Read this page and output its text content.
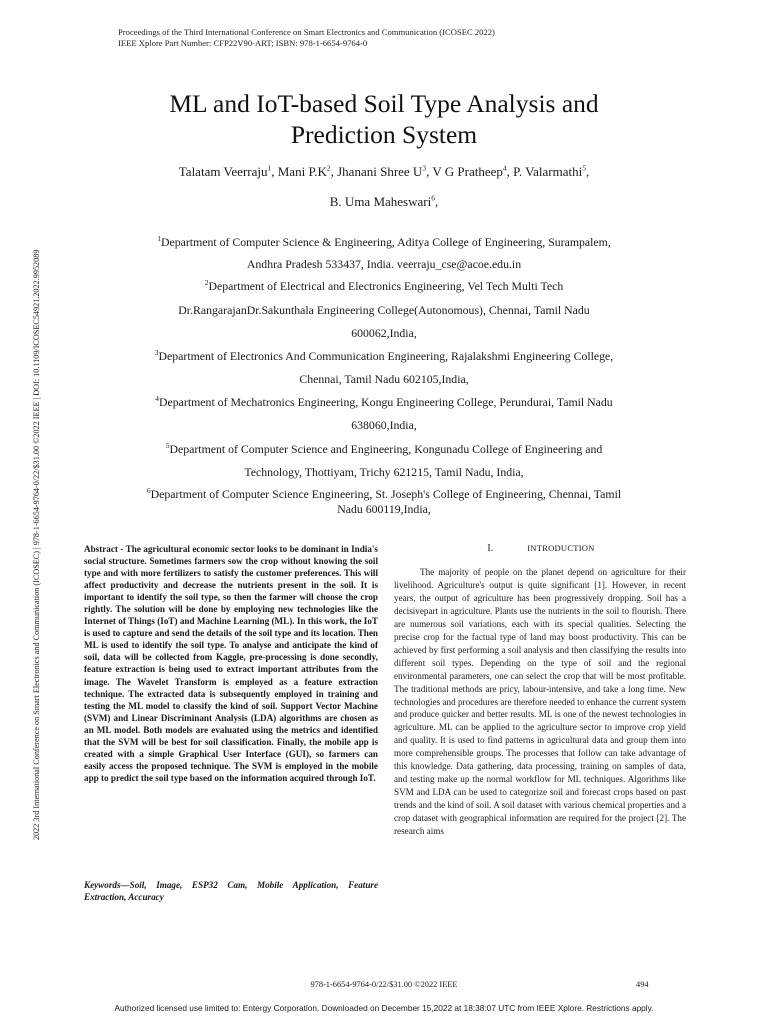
Proceedings of the Third International Conference on Smart Electronics and Communication (ICOSEC 2022)
IEEE Xplore Part Number: CFP22V90-ART; ISBN: 978-1-6654-9764-0
2022 3rd International Conference on Smart Electronics and Communication (ICOSEC) | 978-1-6654-9764-0/22/$31.00 ©2022 IEEE | DOI: 10.1109/ICOSEC54921.2022.9952089
ML and IoT-based Soil Type Analysis and
Prediction System
Talatam Veerraju$^1$, Mani $P.K^2$, Jhanani Shree $U^3$, V G Pratheep$^4$, P. Valarmathi$^5$,
B. Uma Maheswari$^6$,
$^1$Department of Computer Science & Engineering, Aditya College of Engineering, Surampalem,
Andhra Pradesh 533437, India. veerraju_cse@acoe.edu.in
$^2$Department of Electrical and Electronics Engineering, Vel Tech Multi Tech
Dr.RangarajanDr.Sakunthala Engineering College(Autonomous), Chennai, Tamil Nadu
600062,India,
$^3$Department of Electronics And Communication Engineering, Rajalakshmi Engineering College,
Chennai, Tamil Nadu 602105,India,
$^4$Department of Mechatronics Engineering, Kongu Engineering College, Perundurai, Tamil Nadu
638060,India,
$^5$Department of Computer Science and Engineering, Kongunadu College of Engineering and
Technology, Thottiyam, Trichy 621215, Tamil Nadu, India,
$^6$Department of Computer Science Engineering, St. Joseph's College of Engineering, Chennai, Tamil
Nadu 600119,India,
Abstract - The agricultural economic sector looks to be dominant in India's social structure. Sometimes farmers sow the crop without knowing the soil type and with more fertilizers to satisfy the customer preferences. This will affect productivity and decrease the nutrients present in the soil. It is important to identify the soil type, so then the farmer will choose the crop rightly. The solution will be done by employing new technologies like the Internet of Things (IoT) and Machine Learning (ML). In this work, the IoT is used to capture and send the details of the soil type and its location. Then ML is used to identify the soil type. To analyse and anticipate the kind of soil, data will be collected from Kaggle, pre-processing is done secondly, feature extraction is being used to extract important attributes from the image. The Wavelet Transform is employed as a feature extraction technique. The extracted data is subsequently employed in training and testing the ML model to classify the kind of soil. Support Vector Machine (SVM) and Linear Discriminant Analysis (LDA) algorithms are chosen as an ML model. Both models are evaluated using the metrics and identified that the SVM will be best for soil classification. Finally, the mobile app is created with a simple Graphical User Interface (GUI), so farmers can easily access the proposed technique. The SVM is employed in the mobile app to predict the soil type based on the information acquired through IoT.
Keywords—Soil, Image, ESP32 Cam, Mobile Application, Feature Extraction, Accuracy
I.	INTRODUCTION
The majority of people on the planet depend on agriculture for their livelihood. Agriculture's output is quite significant [1]. However, in recent years, the output of agriculture has been progressively dropping. Soil has a decisivepart in agriculture. Plants use the nutrients in the soil to flourish. There are numerous soil variations, each with its special qualities. Selecting the precise crop for the factual type of land may boost productivity. This can be achieved by first performing a soil analysis and then classifying the results into different soil types. Depending on the type of soil and the regional environmental parameters, one can select the crop that will be most profitable. The traditional methods are pricy, labour-intensive, and take a long time. New technologies and procedures are therefore needed to enhance the current system and produce quicker and better results. ML is one of the newest technologies in agriculture. ML can be applied to the agriculture sector to improve crop yield and quality. It is used to find patterns in agricultural data and group them into more comprehensible groups. The processes that follow can take advantage of this knowledge. Data gathering, data processing, training on samples of data, and testing make up the normal workflow for ML techniques. Algorithms like SVM and LDA can be used to categorize soil and forecast crops based on past trends and the kind of soil. A soil dataset with various chemical properties and a crop dataset with geographical information are required for the project [2]. The research aims
978-1-6654-9764-0/22/$31.00 ©2022 IEEE	494
Authorized licensed use limited to: Entergy Corporation. Downloaded on December 15,2022 at 18:38:07 UTC from IEEE Xplore. Restrictions apply.
